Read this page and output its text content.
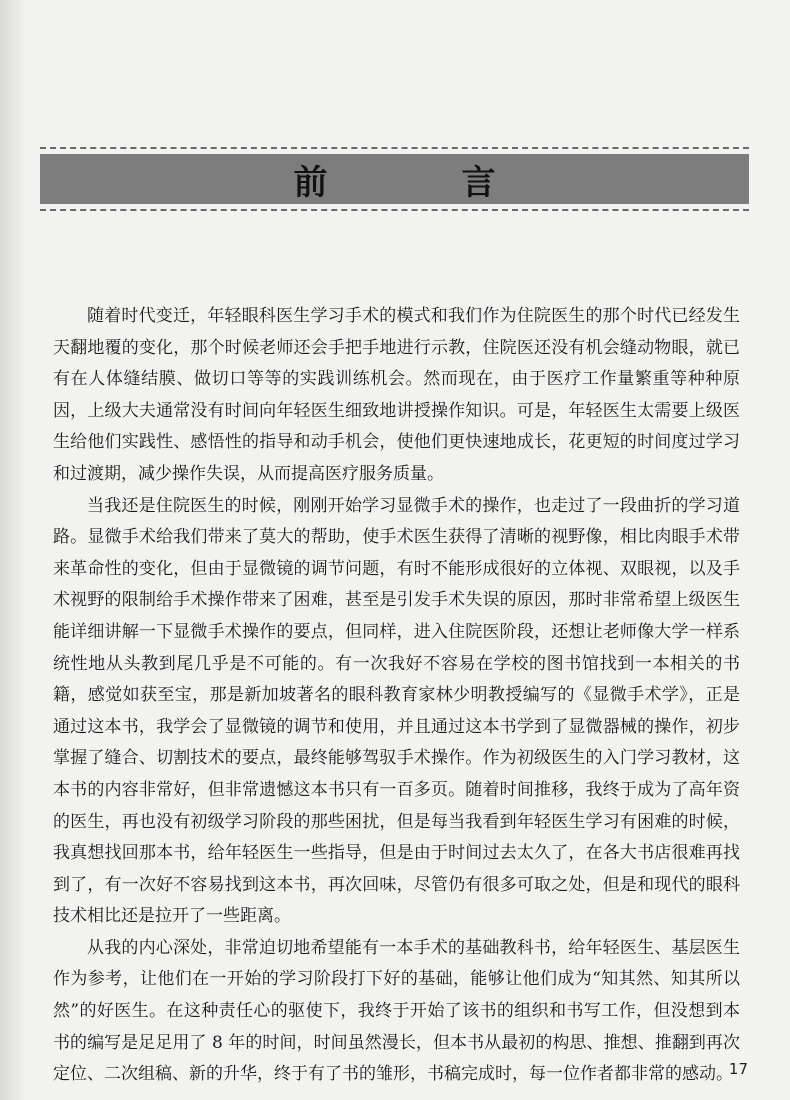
前　言

随着时代变迁，年轻眼科医生学习手术的模式和我们作为住院医生的那个时代已经发生天翻地覆的变化，那个时候老师还会手把手地进行示教，住院医还没有机会缝动物眼，就已有在人体缝结膜、做切口等等的实践训练机会。然而现在，由于医疗工作量繁重等种种原因，上级大夫通常没有时间向年轻医生细致地讲授操作知识。可是，年轻医生太需要上级医生给他们实践性、感悟性的指导和动手机会，使他们更快速地成长，花更短的时间度过学习和过渡期，减少操作失误，从而提高医疗服务质量。

当我还是住院医生的时候，刚刚开始学习显微手术的操作，也走过了一段曲折的学习道路。显微手术给我们带来了莫大的帮助，使手术医生获得了清晰的视野像，相比肉眼手术带来革命性的变化，但由于显微镜的调节问题，有时不能形成很好的立体视、双眼视，以及手术视野的限制给手术操作带来了困难，甚至是引发手术失误的原因，那时非常希望上级医生能详细讲解一下显微手术操作的要点，但同样，进入住院医阶段，还想让老师像大学一样系统性地从头教到尾几乎是不可能的。有一次我好不容易在学校的图书馆找到一本相关的书籍，感觉如获至宝，那是新加坡著名的眼科教育家林少明教授编写的《显微手术学》，正是通过这本书，我学会了显微镜的调节和使用，并且通过这本书学到了显微器械的操作，初步掌握了缝合、切割技术的要点，最终能够驾驭手术操作。作为初级医生的入门学习教材，这本书的内容非常好，但非常遗憾这本书只有一百多页。随着时间推移，我终于成为了高年资的医生，再也没有初级学习阶段的那些困扰，但是每当我看到年轻医生学习有困难的时候，我真想找回那本书，给年轻医生一些指导，但是由于时间过去太久了，在各大书店很难再找到了，有一次好不容易找到这本书，再次回味，尽管仍有很多可取之处，但是和现代的眼科技术相比还是拉开了一些距离。

从我的内心深处，非常迫切地希望能有一本手术的基础教科书，给年轻医生、基层医生作为参考，让他们在一开始的学习阶段打下好的基础，能够让他们成为“知其然、知其所以然”的好医生。在这种责任心的驱使下，我终于开始了该书的组织和书写工作，但没想到本书的编写是足足用了 8 年的时间，时间虽然漫长，但本书从最初的构思、推想、推翻到再次定位、二次组稿、新的升华，终于有了书的雏形，书稿完成时，每一位作者都非常的感动。

17
